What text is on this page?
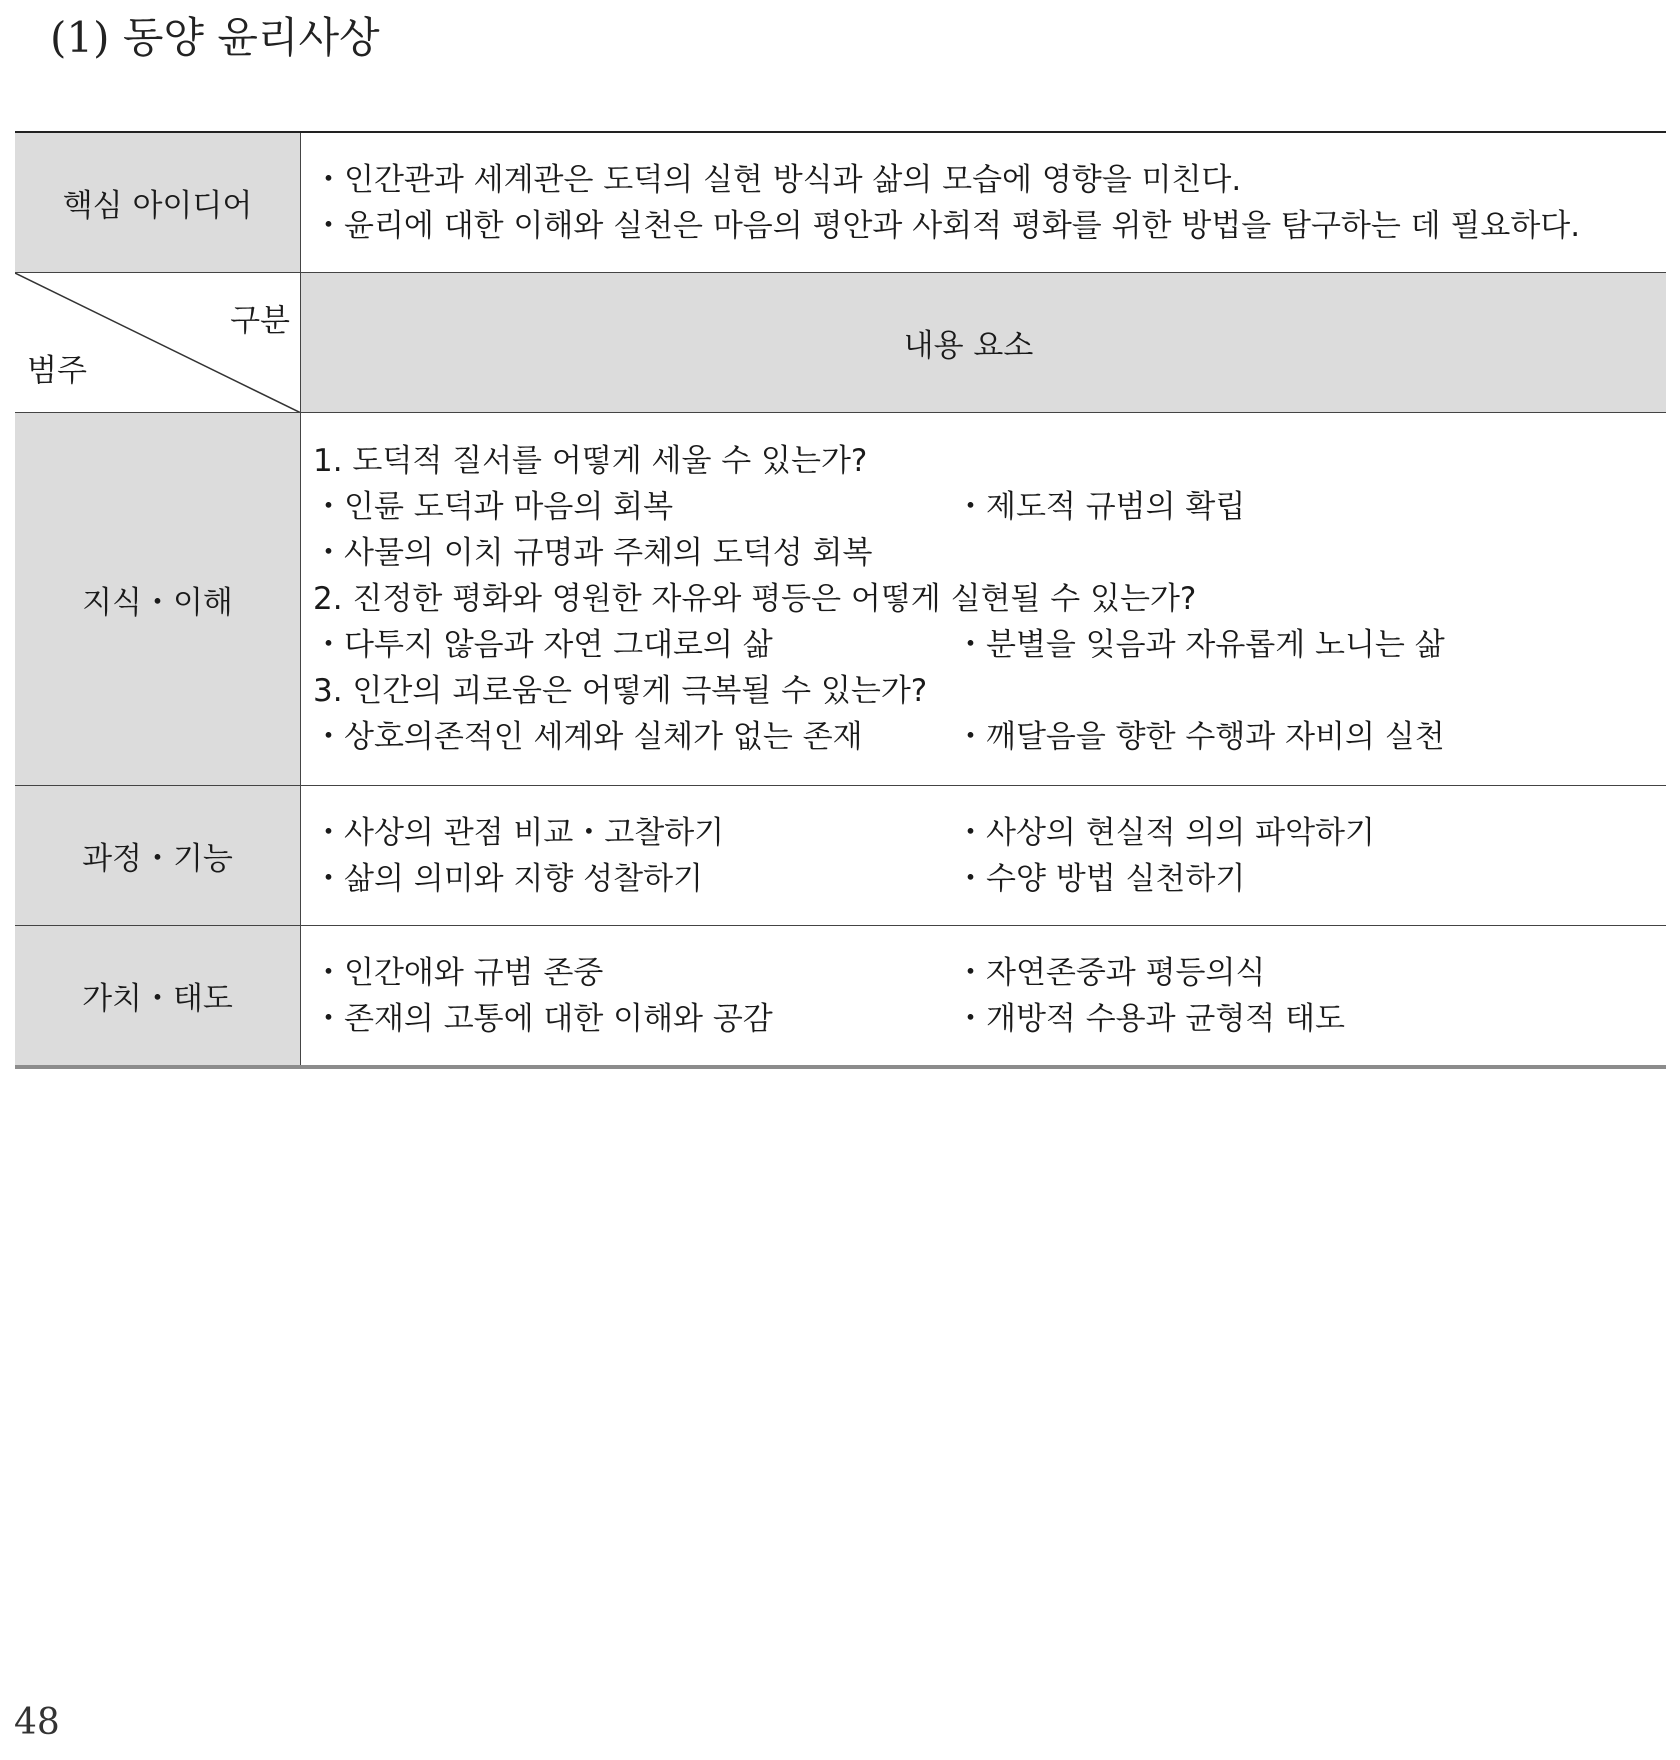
(1) 동양 윤리사상
핵심 아이디어
・인간관과 세계관은 도덕의 실현 방식과 삶의 모습에 영향을 미친다.
・윤리에 대한 이해와 실천은 마음의 평안과 사회적 평화를 위한 방법을 탐구하는 데 필요하다.
구분
범주
내용 요소
지식・이해
1. 도덕적 질서를 어떻게 세울 수 있는가?
・인륜 도덕과 마음의 회복	・제도적 규범의 확립
・사물의 이치 규명과 주체의 도덕성 회복
2. 진정한 평화와 영원한 자유와 평등은 어떻게 실현될 수 있는가?
・다투지 않음과 자연 그대로의 삶	・분별을 잊음과 자유롭게 노니는 삶
3. 인간의 괴로움은 어떻게 극복될 수 있는가?
・상호의존적인 세계와 실체가 없는 존재	・깨달음을 향한 수행과 자비의 실천
과정・기능
・사상의 관점 비교・고찰하기	・사상의 현실적 의의 파악하기
・삶의 의미와 지향 성찰하기	・수양 방법 실천하기
가치・태도
・인간애와 규범 존중	・자연존중과 평등의식
・존재의 고통에 대한 이해와 공감	・개방적 수용과 균형적 태도
48
